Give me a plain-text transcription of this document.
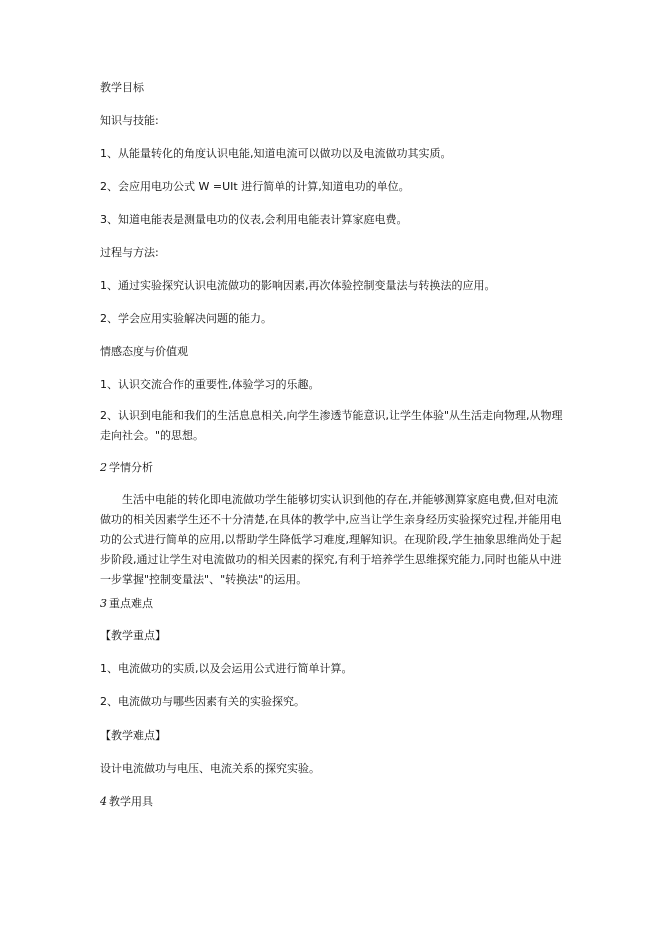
教学目标
知识与技能:
1、从能量转化的角度认识电能,知道电流可以做功以及电流做功其实质。
2、会应用电功公式 W =UIt 进行简单的计算,知道电功的单位。
3、知道电能表是测量电功的仪表,会利用电能表计算家庭电费。
过程与方法:
1、通过实验探究认识电流做功的影响因素,再次体验控制变量法与转换法的应用。
2、学会应用实验解决问题的能力。
情感态度与价值观
1、认识交流合作的重要性,体验学习的乐趣。
2、认识到电能和我们的生活息息相关,向学生渗透节能意识,让学生体验"从生活走向物理,从物理走向社会。"的思想。
2 学情分析
生活中电能的转化即电流做功学生能够切实认识到他的存在,并能够测算家庭电费,但对电流做功的相关因素学生还不十分清楚,在具体的教学中,应当让学生亲身经历实验探究过程,并能用电功的公式进行简单的应用,以帮助学生降低学习难度,理解知识。在现阶段,学生抽象思维尚处于起步阶段,通过让学生对电流做功的相关因素的探究,有利于培养学生思维探究能力,同时也能从中进一步掌握"控制变量法"、"转换法"的运用。
3 重点难点
【教学重点】
1、电流做功的实质,以及会运用公式进行简单计算。
2、电流做功与哪些因素有关的实验探究。
【教学难点】
设计电流做功与电压、电流关系的探究实验。
4 教学用具
